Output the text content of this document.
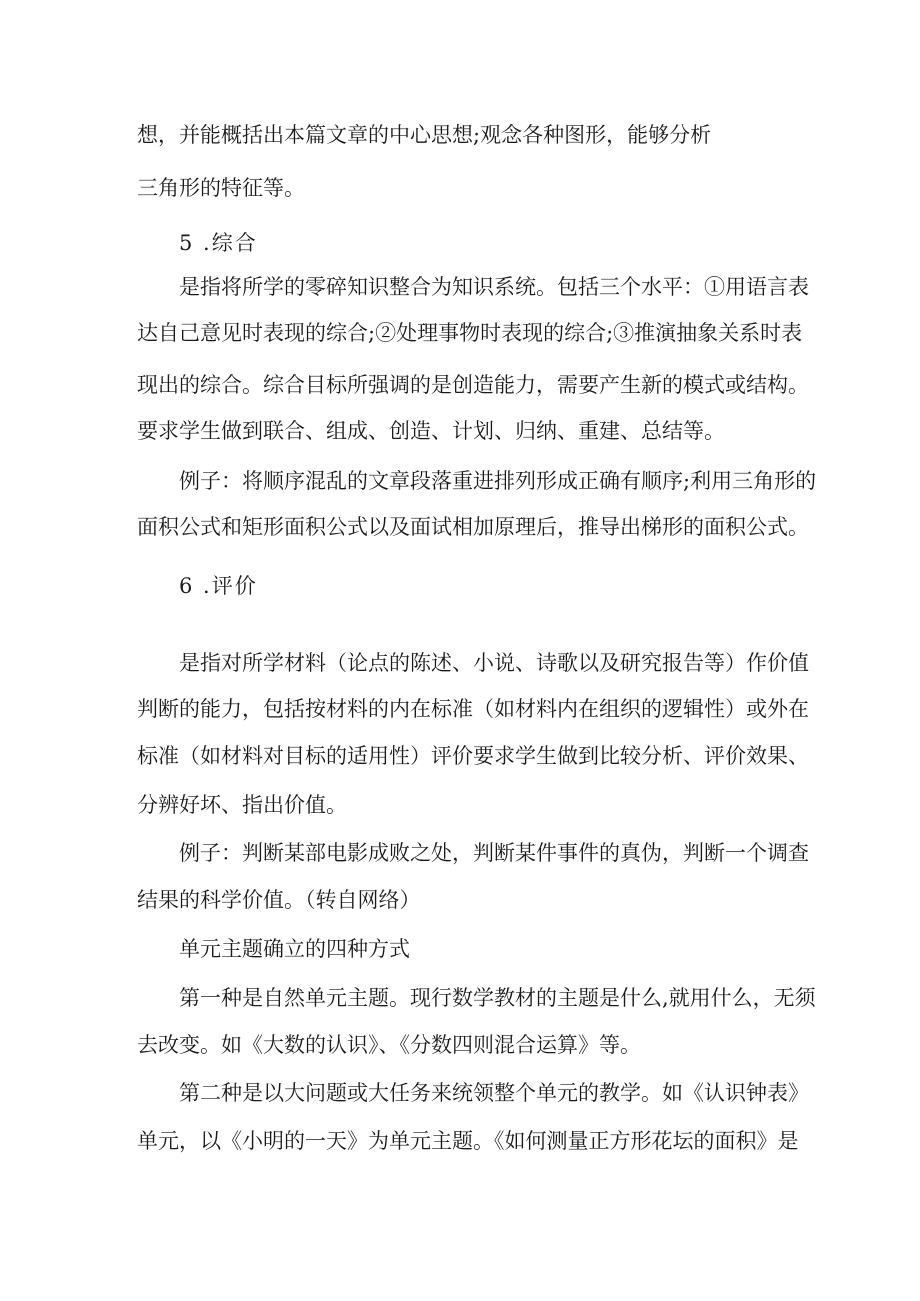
想，并能概括出本篇文章的中心思想;观念各种图形，能够分析
三角形的特征等。
5 .综合
是指将所学的零碎知识整合为知识系统。包括三个水平：①用语言表
达自己意见时表现的综合;②处理事物时表现的综合;③推演抽象关系时表
现出的综合。综合目标所强调的是创造能力，需要产生新的模式或结构。
要求学生做到联合、组成、创造、计划、归纳、重建、总结等。
例子：将顺序混乱的文章段落重进排列形成正确有顺序;利用三角形的
面积公式和矩形面积公式以及面试相加原理后，推导出梯形的面积公式。
6 .评价
是指对所学材料（论点的陈述、小说、诗歌以及研究报告等）作价值
判断的能力，包括按材料的内在标准（如材料内在组织的逻辑性）或外在
标准（如材料对目标的适用性）评价要求学生做到比较分析、评价效果、
分辨好坏、指出价值。
例子：判断某部电影成败之处，判断某件事件的真伪，判断一个调查
结果的科学价值。（转自网络）
单元主题确立的四种方式
第一种是自然单元主题。现行数学教材的主题是什么,就用什么，无须
去改变。如《大数的认识》、《分数四则混合运算》等。
第二种是以大问题或大任务来统领整个单元的教学。如《认识钟表》
单元，以《小明的一天》为单元主题。《如何测量正方形花坛的面积》是
